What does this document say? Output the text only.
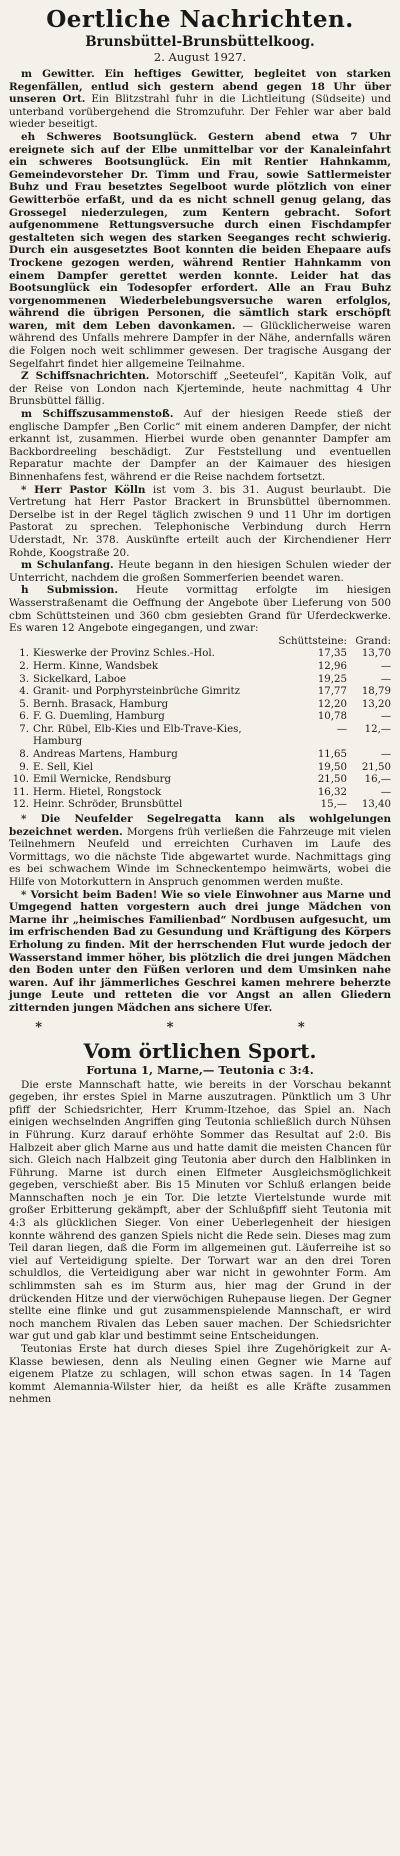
Oertliche Nachrichten.
Brunsbüttel-Brunsbüttelkoog.
2. August 1927.

m Gewitter. Ein heftiges Gewitter, begleitet von starken Regenfällen, entlud sich gestern abend gegen 18 Uhr über unseren Ort. Ein Blitzstrahl fuhr in die Lichtleitung (Südseite) und unterband vorübergehend die Stromzufuhr. Der Fehler war aber bald wieder beseitigt.

eh Schweres Bootsunglück. Gestern abend etwa 7 Uhr ereignete sich auf der Elbe unmittelbar vor der Kanaleinfahrt ein schweres Bootsunglück. Ein mit Rentier Hahnkamm, Gemeindevorsteher Dr. Timm und Frau, sowie Sattlermeister Buhz und Frau besetztes Segelboot wurde plötzlich von einer Gewitterböe erfaßt, und da es nicht schnell genug gelang, das Grossegel niederzulegen, zum Kentern gebracht. Sofort aufgenommene Rettungsversuche durch einen Fischdampfer gestalteten sich wegen des starken Seeganges recht schwierig. Durch ein ausgesetztes Boot konnten die beiden Ehepaare aufs Trockene gezogen werden, während Rentier Hahnkamm von einem Dampfer gerettet werden konnte. Leider hat das Bootsunglück ein Todesopfer erfordert. Alle an Frau Buhz vorgenommenen Wiederbelebungsversuche waren erfolglos, während die übrigen Personen, die sämtlich stark erschöpft waren, mit dem Leben davonkamen. — Glücklicherweise waren während des Unfalls mehrere Dampfer in der Nähe, andernfalls wären die Folgen noch weit schlimmer gewesen. Der tragische Ausgang der Segelfahrt findet hier allgemeine Teilnahme.

Z Schiffsnachrichten. Motorschiff „Seeteufel“, Kapitän Volk, auf der Reise von London nach Kjerteminde, heute nachmittag 4 Uhr Brunsbüttel fällig.

m Schiffszusammenstoß. Auf der hiesigen Reede stieß der englische Dampfer „Ben Corlic“ mit einem anderen Dampfer, der nicht erkannt ist, zusammen. Hierbei wurde oben genannter Dampfer am Backbordreeling beschädigt. Zur Feststellung und eventuellen Reparatur machte der Dampfer an der Kaimauer des hiesigen Binnenhafens fest, während er die Reise nachdem fortsetzt.

* Herr Pastor Kölln ist vom 3. bis 31. August beurlaubt. Die Vertretung hat Herr Pastor Brackert in Brunsbüttel übernommen. Derselbe ist in der Regel täglich zwischen 9 und 11 Uhr im dortigen Pastorat zu sprechen. Telephonische Verbindung durch Herrn Uderstadt, Nr. 378. Auskünfte erteilt auch der Kirchendiener Herr Rohde, Koogstraße 20.

m Schulanfang. Heute begann in den hiesigen Schulen wieder der Unterricht, nachdem die großen Sommerferien beendet waren.

h Submission. Heute vormittag erfolgte im hiesigen Wasserstraßenamt die Oeffnung der Angebote über Lieferung von 500 cbm Schüttsteinen und 360 cbm gesiebten Grand für Uferdeckwerke. Es waren 12 Angebote eingegangen, und zwar:

		Schüttsteine:	Grand:
1.	Kieswerke der Provinz Schles.-Hol.	17,35	13,70
2.	Herm. Kinne, Wandsbek	12,96	—
3.	Sickelkard, Laboe	19,25	—
4.	Granit- und Porphyrsteinbrüche Gimritz	17,77	18,79
5.	Bernh. Brasack, Hamburg	12,20	13,20
6.	F. G. Duemling, Hamburg	10,78	—
7.	Chr. Rübel, Elb-Kies und Elb-Trave-Kies, Hamburg	—	12,—
8.	Andreas Martens, Hamburg	11,65	—
9.	E. Sell, Kiel	19,50	21,50
10.	Emil Wernicke, Rendsburg	21,50	16,—
11.	Herm. Hietel, Rongstock	16,32	—
12.	Heinr. Schröder, Brunsbüttel	15,—	13,40

* Die Neufelder Segelregatta kann als wohlgelungen bezeichnet werden. Morgens früh verließen die Fahrzeuge mit vielen Teilnehmern Neufeld und erreichten Curhaven im Laufe des Vormittags, wo die nächste Tide abgewartet wurde. Nachmittags ging es bei schwachem Winde im Schneckentempo heimwärts, wobei die Hilfe von Motorkuttern in Anspruch genommen werden mußte.

* Vorsicht beim Baden! Wie so viele Einwohner aus Marne und Umgegend hatten vorgestern auch drei junge Mädchen von Marne ihr „heimisches Familienbad“ Nordbusen aufgesucht, um im erfrischenden Bad zu Gesundung und Kräftigung des Körpers Erholung zu finden. Mit der herrschenden Flut wurde jedoch der Wasserstand immer höher, bis plötzlich die drei jungen Mädchen den Boden unter den Füßen verloren und dem Umsinken nahe waren. Auf ihr jämmerliches Geschrei kamen mehrere beherzte junge Leute und retteten die vor Angst an allen Gliedern zitternden jungen Mädchen ans sichere Ufer.

* * *
Vom örtlichen Sport.
Fortuna 1, Marne,— Teutonia c 3:4.

Die erste Mannschaft hatte, wie bereits in der Vorschau bekannt gegeben, ihr erstes Spiel in Marne auszutragen. Pünktlich um 3 Uhr pfiff der Schiedsrichter, Herr Krumm-Itzehoe, das Spiel an. Nach einigen wechselnden Angriffen ging Teutonia schließlich durch Nühsen in Führung. Kurz darauf erhöhte Sommer das Resultat auf 2:0. Bis Halbzeit aber glich Marne aus und hatte damit die meisten Chancen für sich. Gleich nach Halbzeit ging Teutonia aber durch den Halblinken in Führung. Marne ist durch einen Elfmeter Ausgleichsmöglichkeit gegeben, verschießt aber. Bis 15 Minuten vor Schluß erlangen beide Mannschaften noch je ein Tor. Die letzte Viertelstunde wurde mit großer Erbitterung gekämpft, aber der Schlußpfiff sieht Teutonia mit 4:3 als glücklichen Sieger. Von einer Ueberlegenheit der hiesigen konnte während des ganzen Spiels nicht die Rede sein. Dieses mag zum Teil daran liegen, daß die Form im allgemeinen gut. Läuferreihe ist so viel auf Verteidigung spielte. Der Torwart war an den drei Toren schuldlos, die Verteidigung aber war nicht in gewohnter Form. Am schlimmsten sah es im Sturm aus, hier mag der Grund in der drückenden Hitze und der vierwöchigen Ruhepause liegen. Der Gegner stellte eine flinke und gut zusammenspielende Mannschaft, er wird noch manchem Rivalen das Leben sauer machen. Der Schiedsrichter war gut und gab klar und bestimmt seine Entscheidungen.

Teutonias Erste hat durch dieses Spiel ihre Zugehörigkeit zur A-Klasse bewiesen, denn als Neuling einen Gegner wie Marne auf eigenem Platze zu schlagen, will schon etwas sagen. In 14 Tagen kommt Alemannia-Wilster hier, da heißt es alle Kräfte zusammen nehmen
